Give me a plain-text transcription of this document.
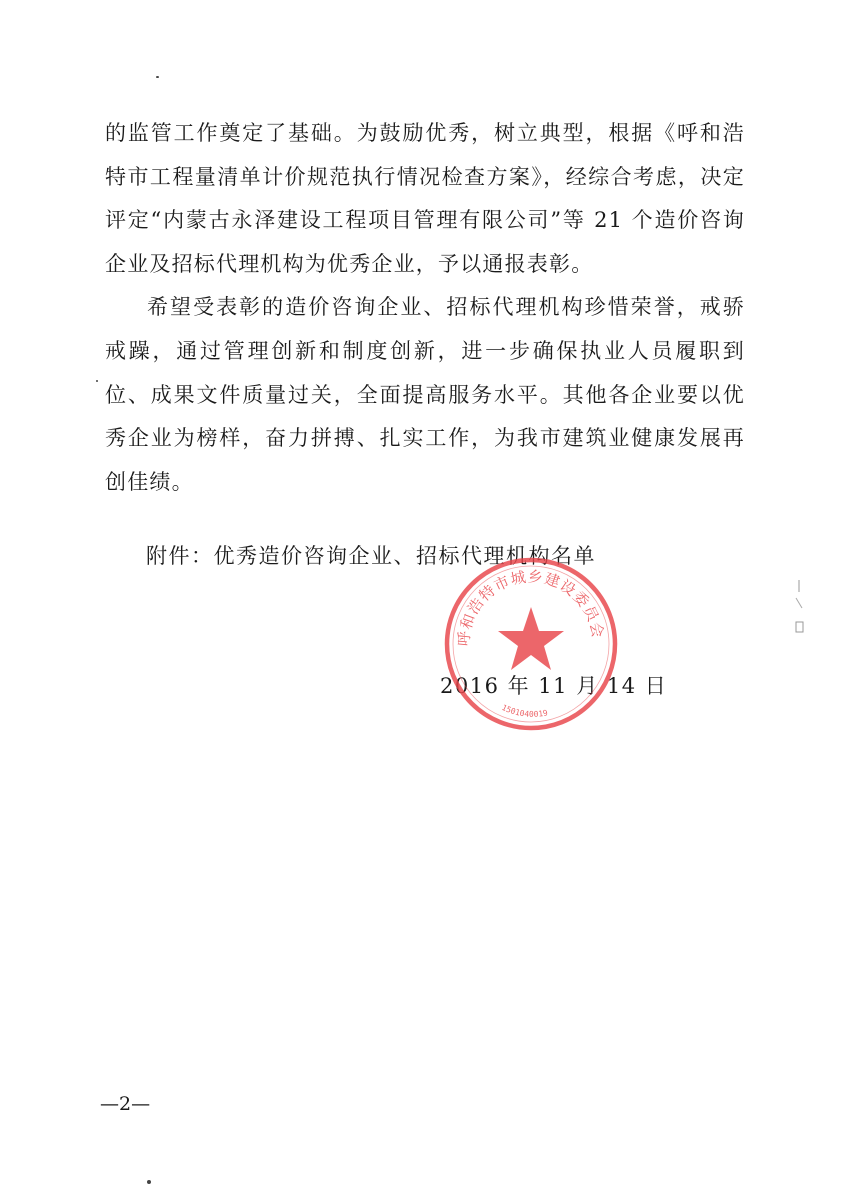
的监管工作奠定了基础。为鼓励优秀，树立典型，根据《呼和浩特市工程量清单计价规范执行情况检查方案》，经综合考虑，决定评定“内蒙古永泽建设工程项目管理有限公司”等 21 个造价咨询企业及招标代理机构为优秀企业，予以通报表彰。

希望受表彰的造价咨询企业、招标代理机构珍惜荣誉，戒骄戒躁，通过管理创新和制度创新，进一步确保执业人员履职到位、成果文件质量过关，全面提高服务水平。其他各企业要以优秀企业为榜样，奋力拼搏、扎实工作，为我市建筑业健康发展再创佳绩。

附件：优秀造价咨询企业、招标代理机构名单
2016 年 11 月 14 日
呼和浩特市城乡建设委员会
1501040019
—2—
